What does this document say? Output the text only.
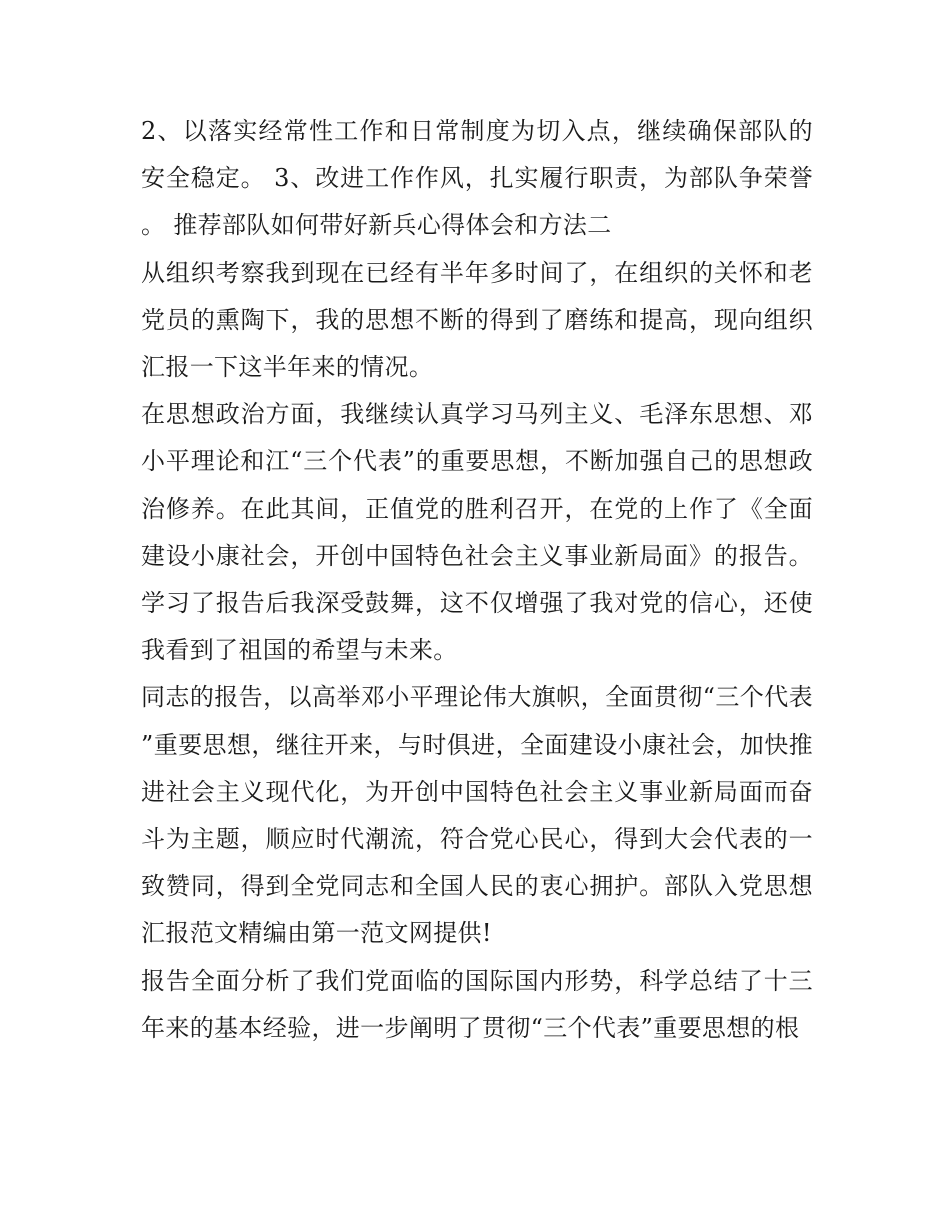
2、以落实经常性工作和日常制度为切入点，继续确保部队的安全稳定。 3、改进工作作风，扎实履行职责，为部队争荣誉。 推荐部队如何带好新兵心得体会和方法二

从组织考察我到现在已经有半年多时间了，在组织的关怀和老党员的熏陶下，我的思想不断的得到了磨练和提高，现向组织汇报一下这半年来的情况。

在思想政治方面，我继续认真学习马列主义、毛泽东思想、邓小平理论和江“三个代表”的重要思想，不断加强自己的思想政治修养。在此其间，正值党的胜利召开，在党的上作了《全面建设小康社会，开创中国特色社会主义事业新局面》的报告。学习了报告后我深受鼓舞，这不仅增强了我对党的信心，还使我看到了祖国的希望与未来。

同志的报告，以高举邓小平理论伟大旗帜，全面贯彻“三个代表”重要思想，继往开来，与时俱进，全面建设小康社会，加快推进社会主义现代化，为开创中国特色社会主义事业新局面而奋斗为主题，顺应时代潮流，符合党心民心，得到大会代表的一致赞同，得到全党同志和全国人民的衷心拥护。部队入党思想汇报范文精编由第一范文网提供!

报告全面分析了我们党面临的国际国内形势，科学总结了十三年来的基本经验，进一步阐明了贯彻“三个代表”重要思想的根
